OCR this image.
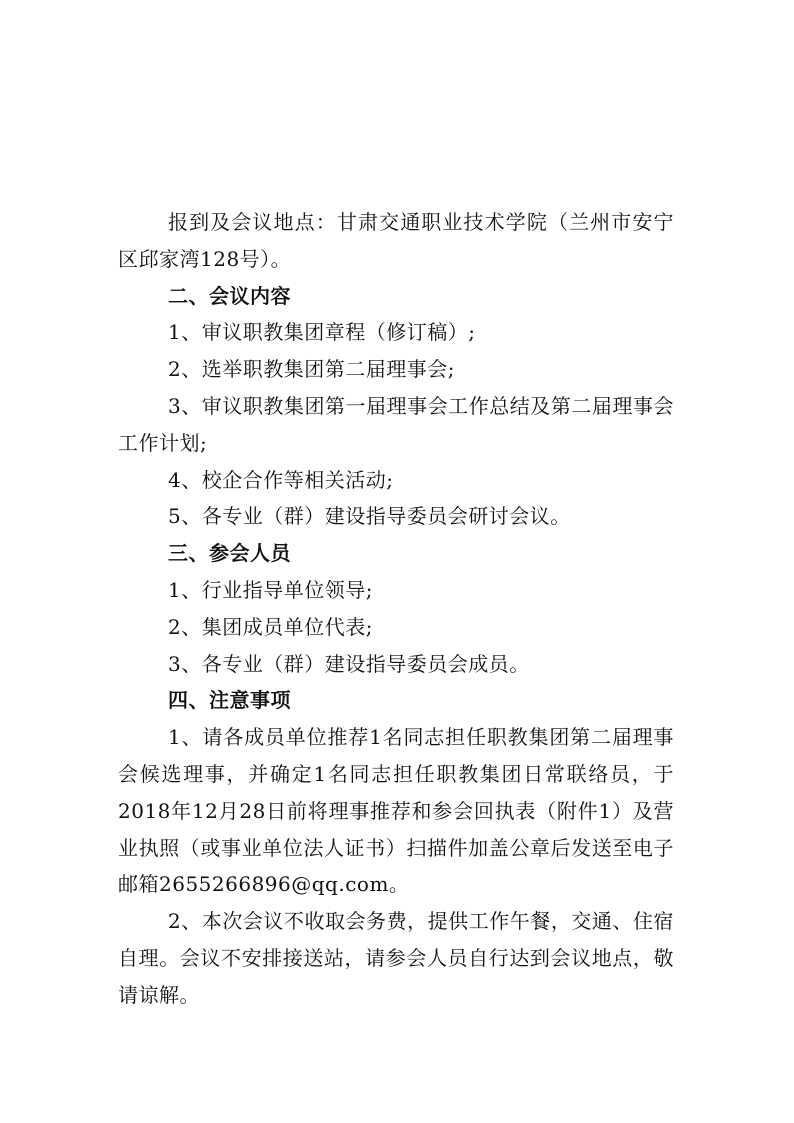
报到及会议地点：甘肃交通职业技术学院（兰州市安宁区邱家湾128号）。

二、会议内容

1、审议职教集团章程（修订稿）;

2、选举职教集团第二届理事会;

3、审议职教集团第一届理事会工作总结及第二届理事会工作计划;

4、校企合作等相关活动;

5、各专业（群）建设指导委员会研讨会议。

三、参会人员

1、行业指导单位领导;

2、集团成员单位代表;

3、各专业（群）建设指导委员会成员。

四、注意事项

1、请各成员单位推荐1名同志担任职教集团第二届理事会候选理事，并确定1名同志担任职教集团日常联络员，于2018年12月28日前将理事推荐和参会回执表（附件1）及营业执照（或事业单位法人证书）扫描件加盖公章后发送至电子邮箱2655266896@qq.com。

2、本次会议不收取会务费，提供工作午餐，交通、住宿自理。会议不安排接送站，请参会人员自行达到会议地点，敬请谅解。
